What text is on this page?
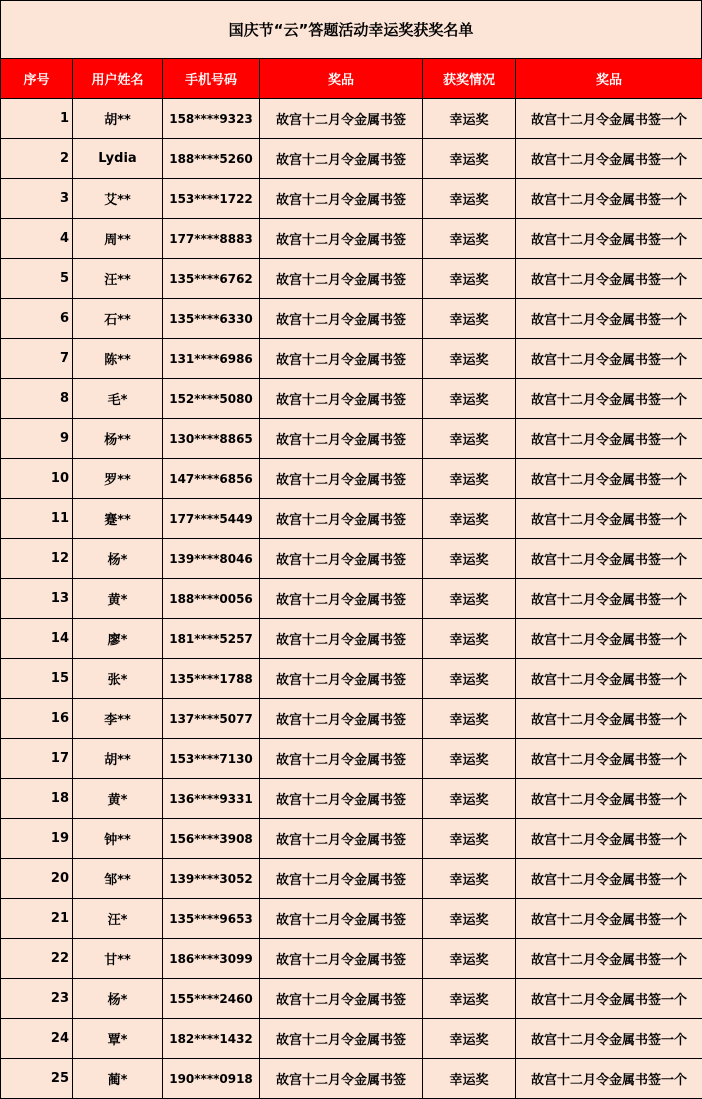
国庆节“云”答题活动幸运奖获奖名单
序号	用户姓名	手机号码	奖品	获奖情况	奖品
1	胡**	158****9323	故宫十二月令金属书签	幸运奖	故宫十二月令金属书签一个
2	Lydia	188****5260	故宫十二月令金属书签	幸运奖	故宫十二月令金属书签一个
3	艾**	153****1722	故宫十二月令金属书签	幸运奖	故宫十二月令金属书签一个
4	周**	177****8883	故宫十二月令金属书签	幸运奖	故宫十二月令金属书签一个
5	汪**	135****6762	故宫十二月令金属书签	幸运奖	故宫十二月令金属书签一个
6	石**	135****6330	故宫十二月令金属书签	幸运奖	故宫十二月令金属书签一个
7	陈**	131****6986	故宫十二月令金属书签	幸运奖	故宫十二月令金属书签一个
8	毛*	152****5080	故宫十二月令金属书签	幸运奖	故宫十二月令金属书签一个
9	杨**	130****8865	故宫十二月令金属书签	幸运奖	故宫十二月令金属书签一个
10	罗**	147****6856	故宫十二月令金属书签	幸运奖	故宫十二月令金属书签一个
11	蹇**	177****5449	故宫十二月令金属书签	幸运奖	故宫十二月令金属书签一个
12	杨*	139****8046	故宫十二月令金属书签	幸运奖	故宫十二月令金属书签一个
13	黄*	188****0056	故宫十二月令金属书签	幸运奖	故宫十二月令金属书签一个
14	廖*	181****5257	故宫十二月令金属书签	幸运奖	故宫十二月令金属书签一个
15	张*	135****1788	故宫十二月令金属书签	幸运奖	故宫十二月令金属书签一个
16	李**	137****5077	故宫十二月令金属书签	幸运奖	故宫十二月令金属书签一个
17	胡**	153****7130	故宫十二月令金属书签	幸运奖	故宫十二月令金属书签一个
18	黄*	136****9331	故宫十二月令金属书签	幸运奖	故宫十二月令金属书签一个
19	钟**	156****3908	故宫十二月令金属书签	幸运奖	故宫十二月令金属书签一个
20	邹**	139****3052	故宫十二月令金属书签	幸运奖	故宫十二月令金属书签一个
21	汪*	135****9653	故宫十二月令金属书签	幸运奖	故宫十二月令金属书签一个
22	甘**	186****3099	故宫十二月令金属书签	幸运奖	故宫十二月令金属书签一个
23	杨*	155****2460	故宫十二月令金属书签	幸运奖	故宫十二月令金属书签一个
24	覃*	182****1432	故宫十二月令金属书签	幸运奖	故宫十二月令金属书签一个
25	蔺*	190****0918	故宫十二月令金属书签	幸运奖	故宫十二月令金属书签一个
